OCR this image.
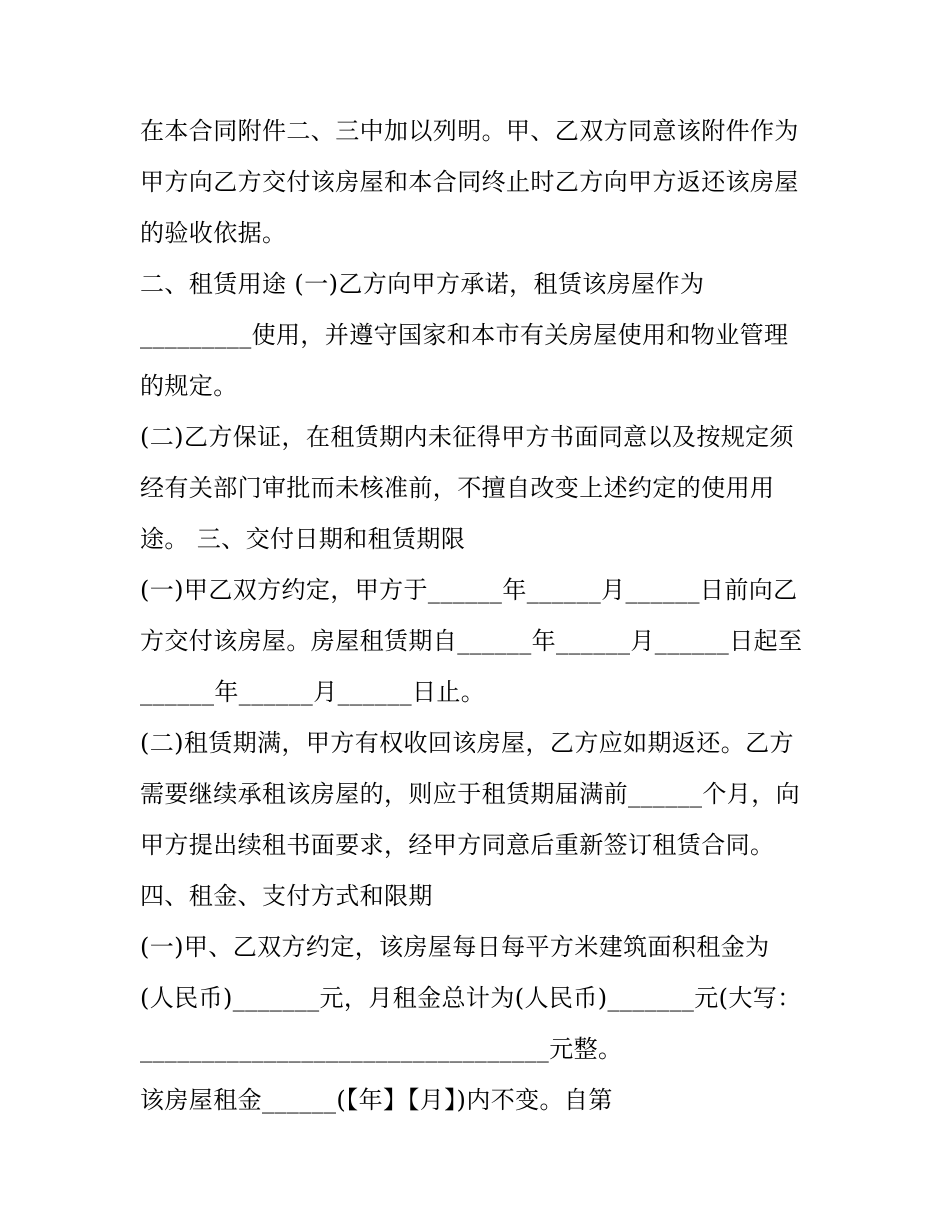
在本合同附件二、三中加以列明。甲、乙双方同意该附件作为
甲方向乙方交付该房屋和本合同终止时乙方向甲方返还该房屋
的验收依据。
二、租赁用途 (一)乙方向甲方承诺，租赁该房屋作为
_________使用，并遵守国家和本市有关房屋使用和物业管理
的规定。
(二)乙方保证，在租赁期内未征得甲方书面同意以及按规定须
经有关部门审批而未核准前，不擅自改变上述约定的使用用
途。 三、交付日期和租赁期限
(一)甲乙双方约定，甲方于______年______月______日前向乙
方交付该房屋。房屋租赁期自______年______月______日起至
______年______月______日止。
(二)租赁期满，甲方有权收回该房屋，乙方应如期返还。乙方
需要继续承租该房屋的，则应于租赁期届满前______个月，向
甲方提出续租书面要求，经甲方同意后重新签订租赁合同。
四、租金、支付方式和限期
(一)甲、乙双方约定，该房屋每日每平方米建筑面积租金为
(人民币)_______元，月租金总计为(人民币)_______元(大写：
_________________________________元整。
该房屋租金______(【年】【月】)内不变。自第
